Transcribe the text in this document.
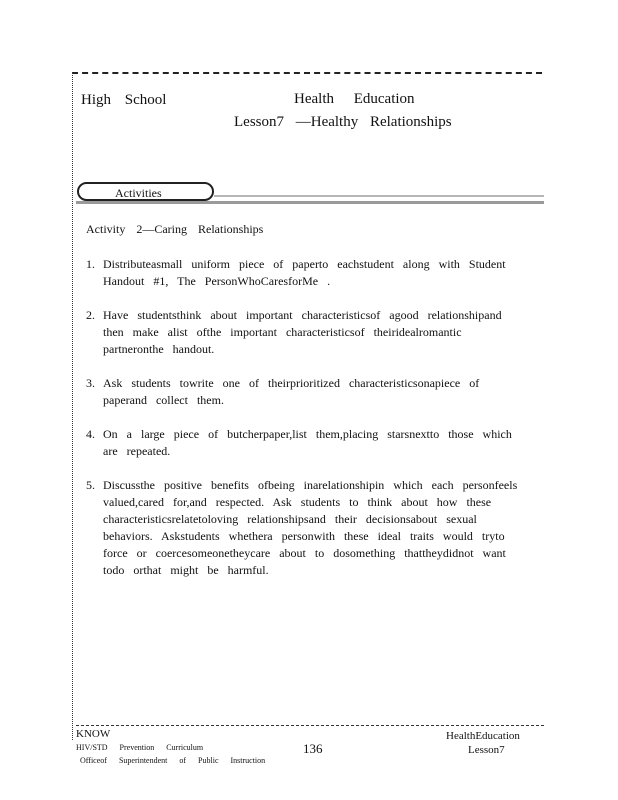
High School	Health Education
Lesson7 —Healthy Relationships
Activities
Activity 2—Caring Relationships
1. Distributeasmall uniform piece of paperto eachstudent along with Student Handout #1, The PersonWhoCaresforMe .
2. Have studentsthink about important characteristicsof agood relationshipand then make alist ofthe important characteristicsof theiridealromantic partneronthe handout.
3. Ask students towrite one of theirprioritized characteristicsonapiece of paperand collect them.
4. On a large piece of butcherpaper,list them,placing starsnextto those which are repeated.
5. Discussthe positive benefits ofbeing inarelationshipin which each personfeels valued,cared for,and respected. Ask students to think about how these characteristicsrelatetoloving relationshipsand their decisionsabout sexual behaviors. Askstudents whethera personwith these ideal traits would tryto force or coercesomeonetheycare about to dosomething thattheydidnot want todo orthat might be harmful.
KNOW
HIV/STD Prevention Curriculum
Officeof Superintendent of Public Instruction
136
HealthEducation
Lesson7
